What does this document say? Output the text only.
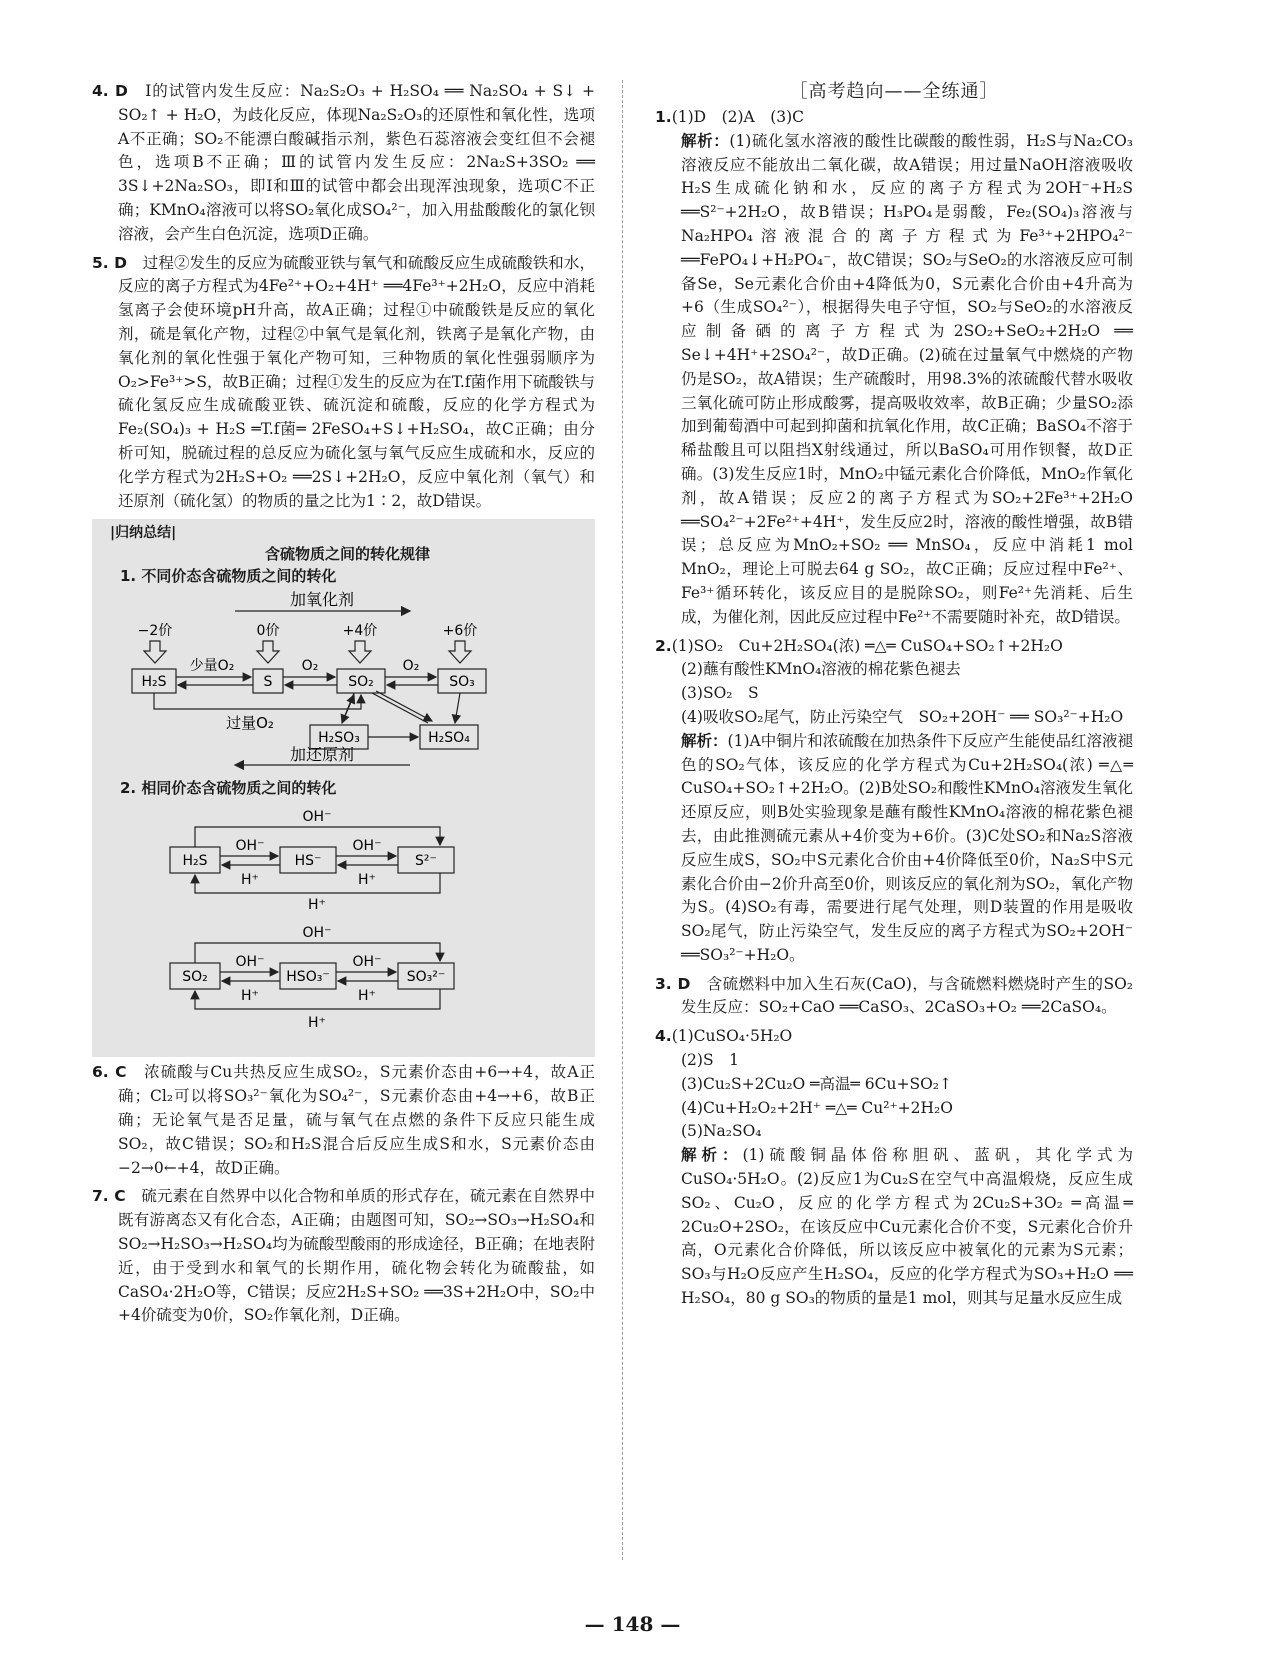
4. D　 Ⅰ的试管内发生反应：Na₂S₂O₃ + H₂SO₄ ══ Na₂SO₄ + S↓ + SO₂↑ + H₂O，为歧化反应，体现Na₂S₂O₃的还原性和氧化性，选项A不正确；SO₂不能漂白酸碱指示剂，紫色石蕊溶液会变红但不会褪色，选项B不正确；Ⅲ的试管内发生反应：2Na₂S+3SO₂ ══ 3S↓+2Na₂SO₃，即Ⅰ和Ⅲ的试管中都会出现浑浊现象，选项C不正确；KMnO₄溶液可以将SO₂氧化成SO₄²⁻，加入用盐酸酸化的氯化钡溶液，会产生白色沉淀，选项D正确。

5. D　 过程②发生的反应为硫酸亚铁与氧气和硫酸反应生成硫酸铁和水，反应的离子方程式为4Fe²⁺+O₂+4H⁺ ══4Fe³⁺+2H₂O，反应中消耗氢离子会使环境pH升高，故A正确；过程①中硫酸铁是反应的氧化剂，硫是氧化产物，过程②中氧气是氧化剂，铁离子是氧化产物，由氧化剂的氧化性强于氧化产物可知，三种物质的氧化性强弱顺序为O₂>Fe³⁺>S，故B正确；过程①发生的反应为在T.f菌作用下硫酸铁与硫化氢反应生成硫酸亚铁、硫沉淀和硫酸，反应的化学方程式为Fe₂(SO₄)₃ + H₂S ═T.f菌═ 2FeSO₄+S↓+H₂SO₄，故C正确；由分析可知，脱硫过程的总反应为硫化氢与氧气反应生成硫和水，反应的化学方程式为2H₂S+O₂ ══2S↓+2H₂O，反应中氧化剂（氧气）和还原剂（硫化氢）的物质的量之比为1∶2，故D错误。

|归纳总结|
含硫物质之间的转化规律
1. 不同价态含硫物质之间的转化
加氧化剂
−2价	0价	+4价	+6价
H₂S	S	SO₂	SO₃
H₂SO₃	H₂SO₄
少量O₂	O₂	O₂
过量O₂
加还原剂
2. 相同价态含硫物质之间的转化
H₂S	HS⁻	S²⁻
SO₂	HSO₃⁻	SO₃²⁻
OH⁻
OH⁻	OH⁻
H⁺	H⁺
H⁺
OH⁻
OH⁻	OH⁻
H⁺	H⁺
H⁺

6. C　 浓硫酸与Cu共热反应生成SO₂，S元素价态由+6→+4，故A正确；Cl₂可以将SO₃²⁻氧化为SO₄²⁻，S元素价态由+4→+6，故B正确；无论氧气是否足量，硫与氧气在点燃的条件下反应只能生成SO₂，故C错误；SO₂和H₂S混合后反应生成S和水，S元素价态由−2→0←+4，故D正确。

7. C　 硫元素在自然界中以化合物和单质的形式存在，硫元素在自然界中既有游离态又有化合态，A正确；由题图可知，SO₂→SO₃→H₂SO₄和SO₂→H₂SO₃→H₂SO₄均为硫酸型酸雨的形成途径，B正确；在地表附近，由于受到水和氧气的长期作用，硫化物会转化为硫酸盐，如CaSO₄·2H₂O等，C错误；反应2H₂S+SO₂ ══3S+2H₂O中，SO₂中+4价硫变为0价，SO₂作氧化剂，D正确。

［高考趋向——全练通］

1.(1)D　(2)A　(3)C

解析：(1)硫化氢水溶液的酸性比碳酸的酸性弱，H₂S与Na₂CO₃溶液反应不能放出二氧化碳，故A错误；用过量NaOH溶液吸收H₂S生成硫化钠和水，反应的离子方程式为2OH⁻+H₂S ══S²⁻+2H₂O，故B错误；H₃PO₄是弱酸，Fe₂(SO₄)₃溶液与Na₂HPO₄溶液混合的离子方程式为Fe³⁺+2HPO₄²⁻ ══FePO₄↓+H₂PO₄⁻，故C错误；SO₂与SeO₂的水溶液反应可制备Se，Se元素化合价由+4降低为0，S元素化合价由+4升高为+6（生成SO₄²⁻），根据得失电子守恒，SO₂与SeO₂的水溶液反应制备硒的离子方程式为2SO₂+SeO₂+2H₂O ══ Se↓+4H⁺+2SO₄²⁻，故D正确。(2)硫在过量氧气中燃烧的产物仍是SO₂，故A错误；生产硫酸时，用98.3%的浓硫酸代替水吸收三氧化硫可防止形成酸雾，提高吸收效率，故B正确；少量SO₂添加到葡萄酒中可起到抑菌和抗氧化作用，故C正确；BaSO₄不溶于稀盐酸且可以阻挡X射线通过，所以BaSO₄可用作钡餐，故D正确。(3)发生反应1时，MnO₂中锰元素化合价降低，MnO₂作氧化剂，故A错误；反应2的离子方程式为SO₂+2Fe³⁺+2H₂O ══SO₄²⁻+2Fe²⁺+4H⁺，发生反应2时，溶液的酸性增强，故B错误；总反应为MnO₂+SO₂ ══ MnSO₄，反应中消耗1 mol MnO₂，理论上可脱去64 g SO₂，故C正确；反应过程中Fe²⁺、Fe³⁺循环转化，该反应目的是脱除SO₂，则Fe²⁺先消耗、后生成，为催化剂，因此反应过程中Fe²⁺不需要随时补充，故D错误。

2.(1)SO₂　Cu+2H₂SO₄(浓) ═△═ CuSO₄+SO₂↑+2H₂O

(2)蘸有酸性KMnO₄溶液的棉花紫色褪去

(3)SO₂　S

(4)吸收SO₂尾气，防止污染空气　SO₂+2OH⁻ ══ SO₃²⁻+H₂O

解析：(1)A中铜片和浓硫酸在加热条件下反应产生能使品红溶液褪色的SO₂气体，该反应的化学方程式为Cu+2H₂SO₄(浓) ═△═ CuSO₄+SO₂↑+2H₂O。(2)B处SO₂和酸性KMnO₄溶液发生氧化还原反应，则B处实验现象是蘸有酸性KMnO₄溶液的棉花紫色褪去，由此推测硫元素从+4价变为+6价。(3)C处SO₂和Na₂S溶液反应生成S，SO₂中S元素化合价由+4价降低至0价，Na₂S中S元素化合价由−2价升高至0价，则该反应的氧化剂为SO₂，氧化产物为S。(4)SO₂有毒，需要进行尾气处理，则D装置的作用是吸收SO₂尾气，防止污染空气，发生反应的离子方程式为SO₂+2OH⁻ ══SO₃²⁻+H₂O。

3. D　 含硫燃料中加入生石灰(CaO)，与含硫燃料燃烧时产生的SO₂发生反应：SO₂+CaO ══CaSO₃、2CaSO₃+O₂ ══2CaSO₄。

4.(1)CuSO₄·5H₂O

(2)S　1

(3)Cu₂S+2Cu₂O ═高温═ 6Cu+SO₂↑

(4)Cu+H₂O₂+2H⁺ ═△═ Cu²⁺+2H₂O

(5)Na₂SO₄

解析：(1)硫酸铜晶体俗称胆矾、蓝矾，其化学式为CuSO₄·5H₂O。(2)反应1为Cu₂S在空气中高温煅烧，反应生成SO₂、Cu₂O，反应的化学方程式为2Cu₂S+3O₂ ═高温═ 2Cu₂O+2SO₂，在该反应中Cu元素化合价不变，S元素化合价升高，O元素化合价降低，所以该反应中被氧化的元素为S元素；SO₃与H₂O反应产生H₂SO₄，反应的化学方程式为SO₃+H₂O ══ H₂SO₄，80 g SO₃的物质的量是1 mol，则其与足量水反应生成

— 148 —
